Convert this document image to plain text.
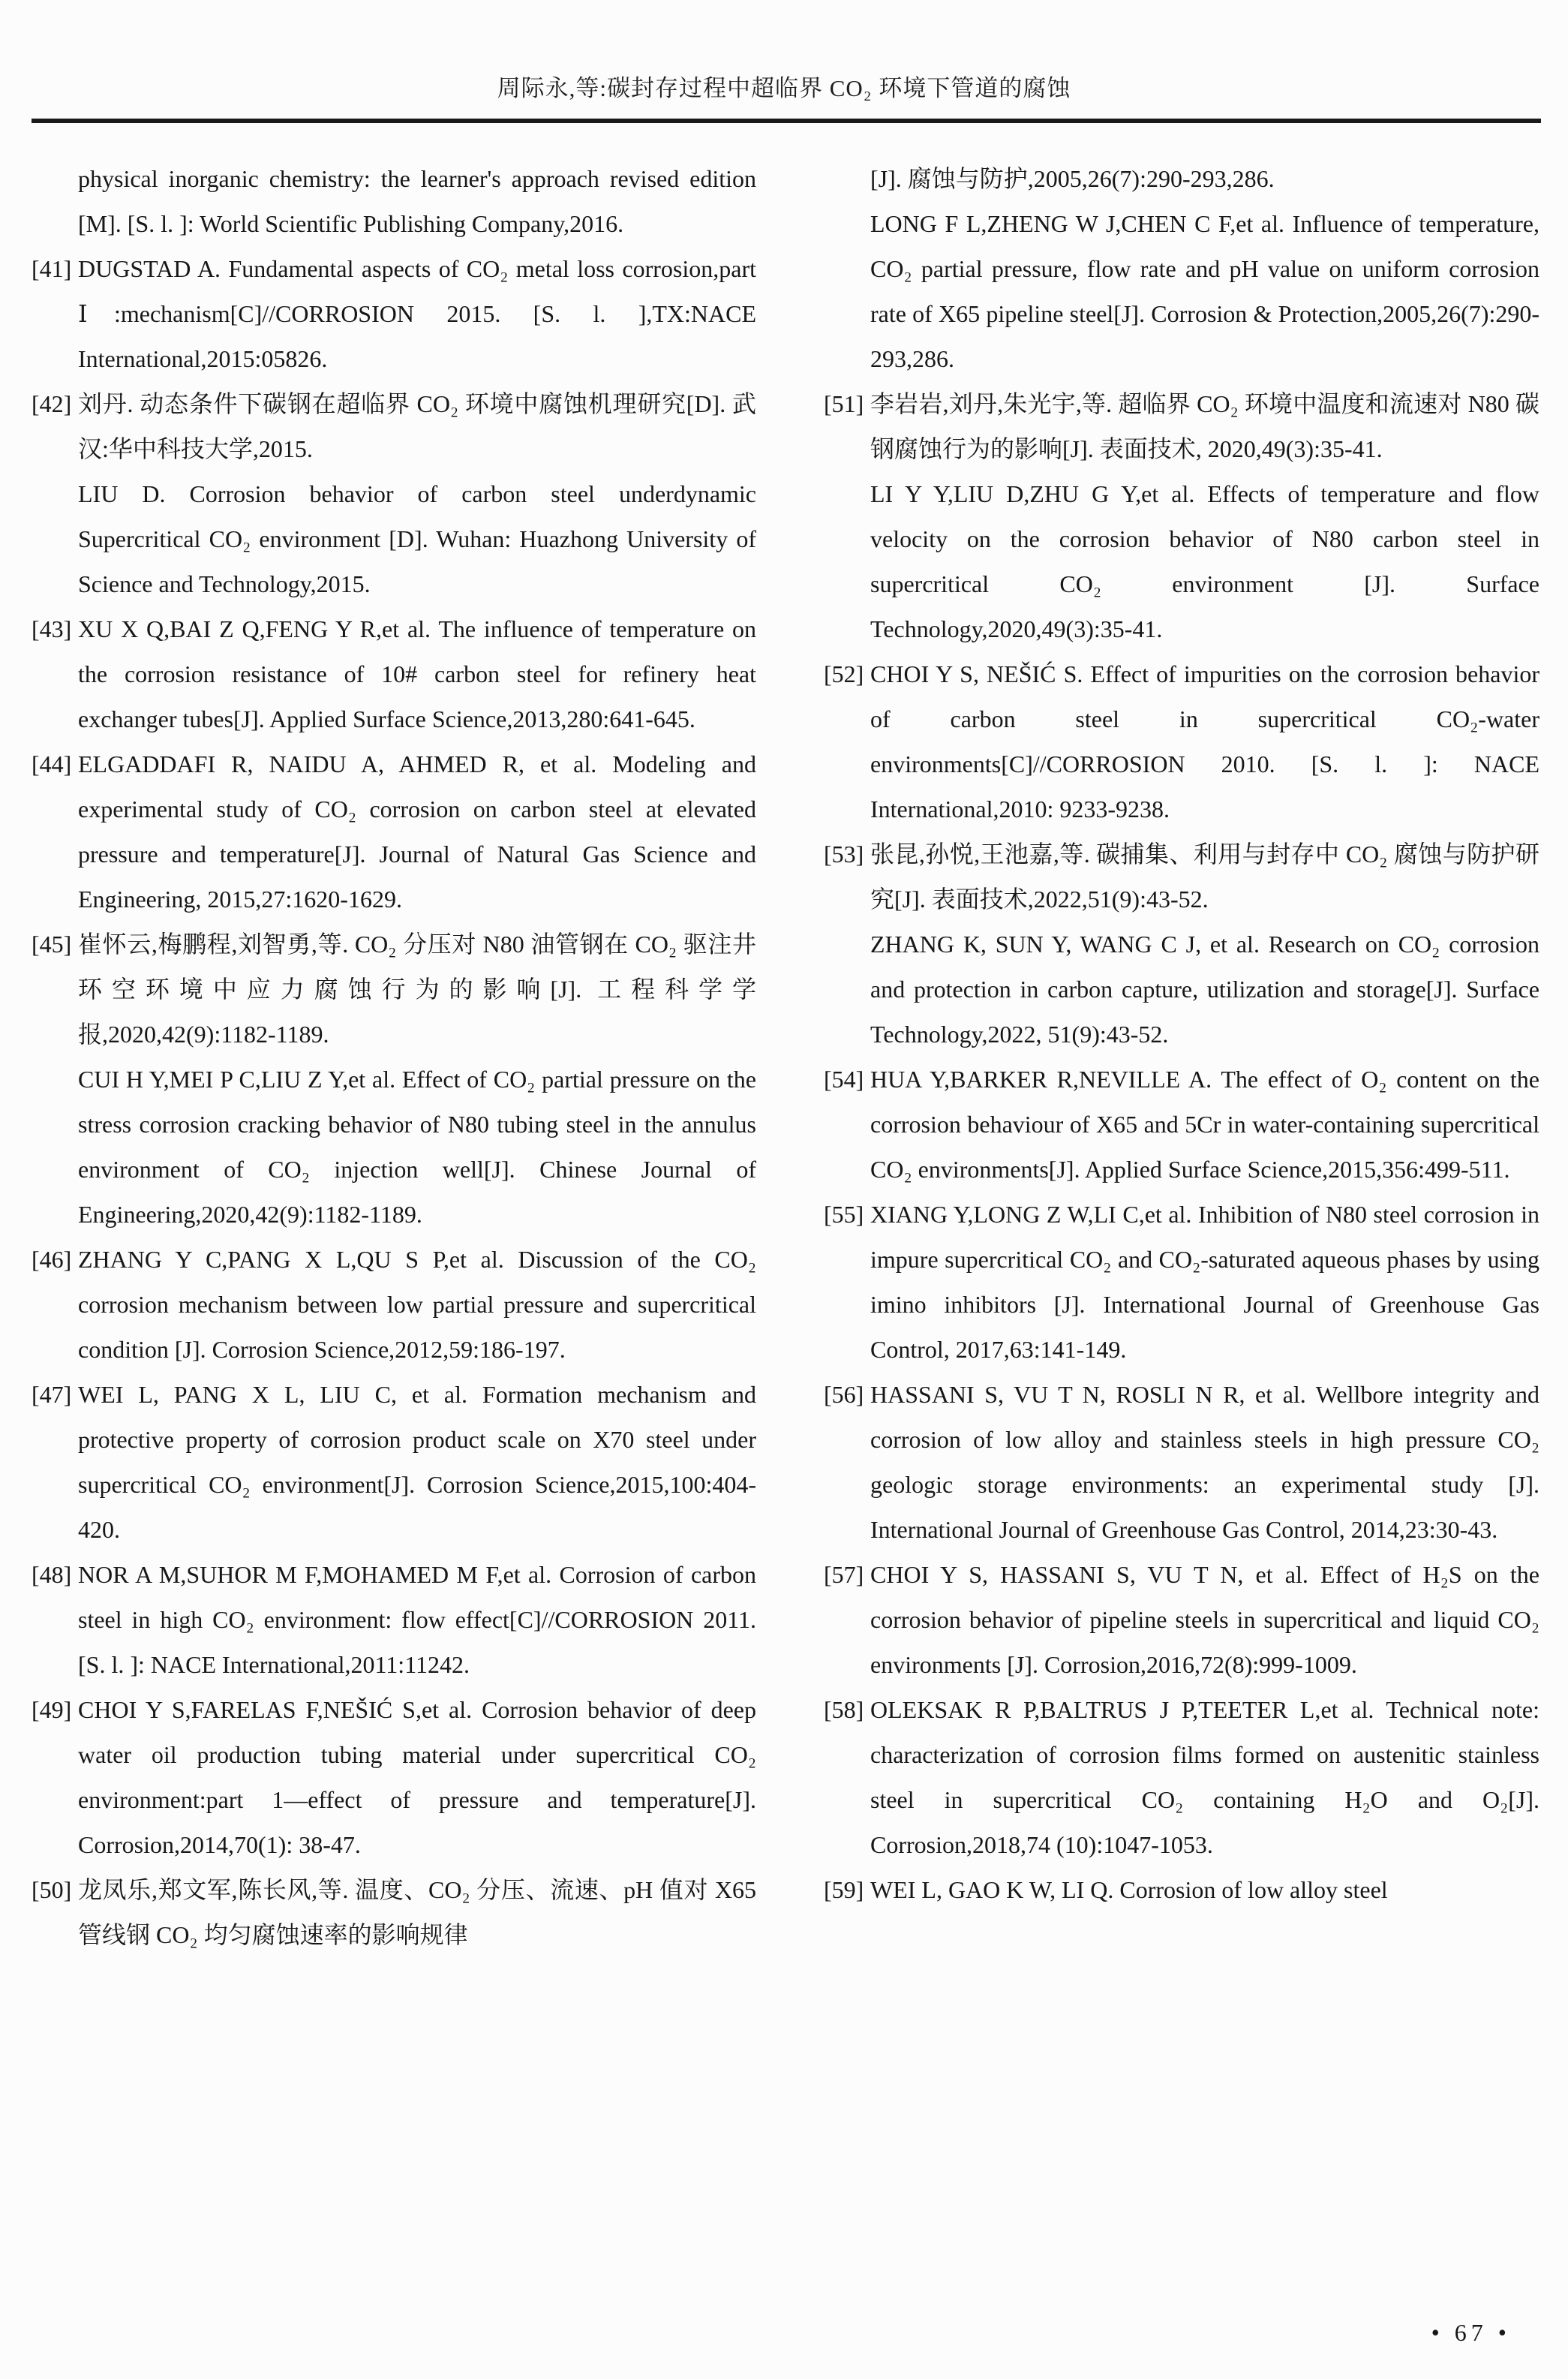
周际永,等:碳封存过程中超临界 CO₂ 环境下管道的腐蚀

physical inorganic chemistry: the learner's approach revised edition [M]. [S. l. ]: World Scientific Publishing Company,2016.

[41] DUGSTAD A. Fundamental aspects of CO₂ metal loss corrosion,part Ⅰ:mechanism[C]//CORROSION 2015. [S. l. ],TX:NACE International,2015:05826.

[42] 刘丹. 动态条件下碳钢在超临界 CO₂ 环境中腐蚀机理研究[D]. 武汉:华中科技大学,2015.

LIU D. Corrosion behavior of carbon steel underdynamic Supercritical CO₂ environment [D]. Wuhan: Huazhong University of Science and Technology,2015.

[43] XU X Q,BAI Z Q,FENG Y R,et al. The influence of temperature on the corrosion resistance of 10# carbon steel for refinery heat exchanger tubes[J]. Applied Surface Science,2013,280:641-645.

[44] ELGADDAFI R, NAIDU A, AHMED R, et al. Modeling and experimental study of CO₂ corrosion on carbon steel at elevated pressure and temperature[J]. Journal of Natural Gas Science and Engineering, 2015,27:1620-1629.

[45] 崔怀云,梅鹏程,刘智勇,等. CO₂ 分压对 N80 油管钢在 CO₂ 驱注井环空环境中应力腐蚀行为的影响[J]. 工程科学学报,2020,42(9):1182-1189.

CUI H Y,MEI P C,LIU Z Y,et al. Effect of CO₂ partial pressure on the stress corrosion cracking behavior of N80 tubing steel in the annulus environment of CO₂ injection well[J]. Chinese Journal of Engineering,2020,42(9):1182-1189.

[46] ZHANG Y C,PANG X L,QU S P,et al. Discussion of the CO₂ corrosion mechanism between low partial pressure and supercritical condition [J]. Corrosion Science,2012,59:186-197.

[47] WEI L, PANG X L, LIU C, et al. Formation mechanism and protective property of corrosion product scale on X70 steel under supercritical CO₂ environment[J]. Corrosion Science,2015,100:404-420.

[48] NOR A M,SUHOR M F,MOHAMED M F,et al. Corrosion of carbon steel in high CO₂ environment: flow effect[C]//CORROSION 2011. [S. l. ]: NACE International,2011:11242.

[49] CHOI Y S,FARELAS F,NEŠIĆ S,et al. Corrosion behavior of deep water oil production tubing material under supercritical CO₂ environment:part 1—effect of pressure and temperature[J]. Corrosion,2014,70(1): 38-47.

[50] 龙凤乐,郑文军,陈长风,等. 温度、CO₂ 分压、流速、pH 值对 X65 管线钢 CO₂ 均匀腐蚀速率的影响规律

[J]. 腐蚀与防护,2005,26(7):290-293,286.

LONG F L,ZHENG W J,CHEN C F,et al. Influence of temperature, CO₂ partial pressure, flow rate and pH value on uniform corrosion rate of X65 pipeline steel[J]. Corrosion & Protection,2005,26(7):290-293,286.

[51] 李岩岩,刘丹,朱光宇,等. 超临界 CO₂ 环境中温度和流速对 N80 碳钢腐蚀行为的影响[J]. 表面技术, 2020,49(3):35-41.

LI Y Y,LIU D,ZHU G Y,et al. Effects of temperature and flow velocity on the corrosion behavior of N80 carbon steel in supercritical CO₂ environment [J]. Surface Technology,2020,49(3):35-41.

[52] CHOI Y S, NEŠIĆ S. Effect of impurities on the corrosion behavior of carbon steel in supercritical CO₂-water environments[C]//CORROSION 2010. [S. l. ]: NACE International,2010: 9233-9238.

[53] 张昆,孙悦,王池嘉,等. 碳捕集、利用与封存中 CO₂ 腐蚀与防护研究[J]. 表面技术,2022,51(9):43-52.

ZHANG K, SUN Y, WANG C J, et al. Research on CO₂ corrosion and protection in carbon capture, utilization and storage[J]. Surface Technology,2022, 51(9):43-52.

[54] HUA Y,BARKER R,NEVILLE A. The effect of O₂ content on the corrosion behaviour of X65 and 5Cr in water-containing supercritical CO₂ environments[J]. Applied Surface Science,2015,356:499-511.

[55] XIANG Y,LONG Z W,LI C,et al. Inhibition of N80 steel corrosion in impure supercritical CO₂ and CO₂-saturated aqueous phases by using imino inhibitors [J]. International Journal of Greenhouse Gas Control, 2017,63:141-149.

[56] HASSANI S, VU T N, ROSLI N R, et al. Wellbore integrity and corrosion of low alloy and stainless steels in high pressure CO₂ geologic storage environments: an experimental study [J]. International Journal of Greenhouse Gas Control, 2014,23:30-43.

[57] CHOI Y S, HASSANI S, VU T N, et al. Effect of H₂S on the corrosion behavior of pipeline steels in supercritical and liquid CO₂ environments [J]. Corrosion,2016,72(8):999-1009.

[58] OLEKSAK R P,BALTRUS J P,TEETER L,et al. Technical note: characterization of corrosion films formed on austenitic stainless steel in supercritical CO₂ containing H₂O and O₂[J]. Corrosion,2018,74 (10):1047-1053.

[59] WEI L, GAO K W, LI Q. Corrosion of low alloy steel

• 67 •
